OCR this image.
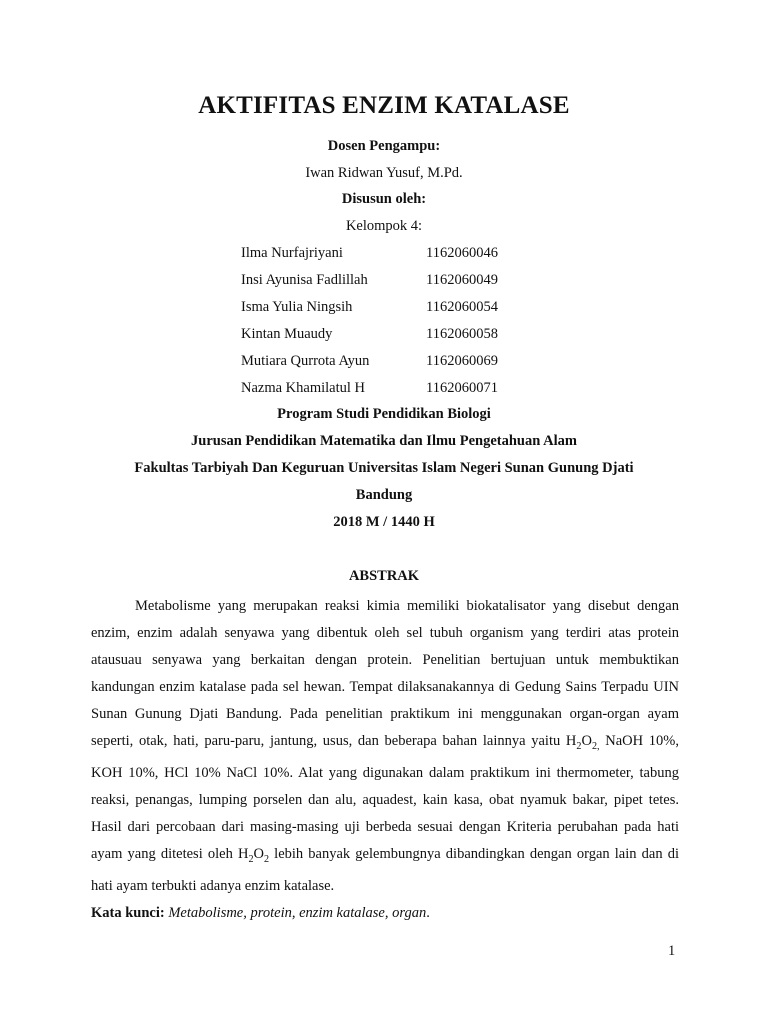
AKTIFITAS ENZIM KATALASE
Dosen Pengampu:
Iwan Ridwan Yusuf, M.Pd.
Disusun oleh:
Kelompok 4:
Ilma Nurfajriyani	1162060046
Insi Ayunisa Fadlillah	1162060049
Isma Yulia Ningsih	1162060054
Kintan Muaudy	1162060058
Mutiara Qurrota Ayun	1162060069
Nazma Khamilatul H	1162060071
Program Studi Pendidikan Biologi
Jurusan Pendidikan Matematika dan Ilmu Pengetahuan Alam
Fakultas Tarbiyah Dan Keguruan Universitas Islam Negeri Sunan Gunung Djati
Bandung
2018 M / 1440 H
ABSTRAK

Metabolisme yang merupakan reaksi kimia memiliki biokatalisator yang disebut dengan enzim, enzim adalah senyawa yang dibentuk oleh sel tubuh organism yang terdiri atas protein atausuau senyawa yang berkaitan dengan protein. Penelitian bertujuan untuk membuktikan kandungan enzim katalase pada sel hewan. Tempat dilaksanakannya di Gedung Sains Terpadu UIN Sunan Gunung Djati Bandung. Pada penelitian praktikum ini menggunakan organ-organ ayam seperti, otak, hati, paru-paru, jantung, usus, dan beberapa bahan lainnya yaitu $H_2O_{2,}$ NaOH 10%, KOH 10%, HCl 10% NaCl 10%. Alat yang digunakan dalam praktikum ini thermometer, tabung reaksi, penangas, lumping porselen dan alu, aquadest, kain kasa, obat nyamuk bakar, pipet tetes. Hasil dari percobaan dari masing-masing uji berbeda sesuai dengan Kriteria perubahan pada hati ayam yang ditetesi oleh $H_2O_2$ lebih banyak gelembungnya dibandingkan dengan organ lain dan di hati ayam terbukti adanya enzim katalase.

Kata kunci: Metabolisme, protein, enzim katalase, organ.
1
